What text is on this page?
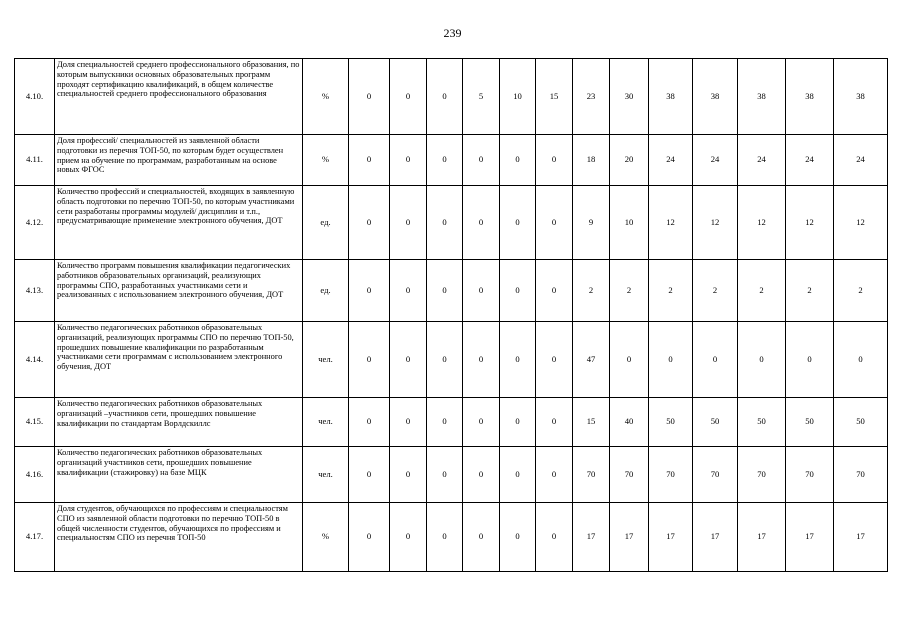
239
4.10.	Доля специальностей среднего профессионального образования, по которым выпускники основных образовательных программ проходят сертификацию квалификаций, в общем количестве специальностей среднего профессионального образования	%	0	0	0	5	10	15	23	30	38	38	38	38	38
4.11.	Доля профессий/ специальностей из заявленной области подготовки из перечня ТОП-50, по которым будет осуществлен прием на обучение по программам, разработанным на основе новых ФГОС	%	0	0	0	0	0	0	18	20	24	24	24	24	24
4.12.	Количество профессий и специальностей, входящих в заявленную область подготовки по перечню ТОП-50, по которым участниками сети разработаны программы модулей/ дисциплин и т.п., предусматривающие применение электронного обучения, ДОТ	ед.	0	0	0	0	0	0	9	10	12	12	12	12	12
4.13.	Количество программ повышения квалификации педагогических работников образовательных организаций, реализующих программы СПО, разработанных участниками сети и реализованных с использованием электронного обучения, ДОТ	ед.	0	0	0	0	0	0	2	2	2	2	2	2	2
4.14.	Количество педагогических работников образовательных организаций, реализующих программы СПО по перечню ТОП-50, прошедших повышение квалификации по разработанным участниками сети программам с использованием электронного обучения, ДОТ	чел.	0	0	0	0	0	0	47	0	0	0	0	0	0
4.15.	Количество педагогических работников образовательных организаций –участников сети, прошедших повышение квалификации по стандартам Ворлдскиллс	чел.	0	0	0	0	0	0	15	40	50	50	50	50	50
4.16.	Количество педагогических работников образовательных организаций участников сети, прошедших повышение квалификации (стажировку) на базе МЦК	чел.	0	0	0	0	0	0	70	70	70	70	70	70	70
4.17.	Доля студентов, обучающихся по профессиям и специальностям СПО из заявленной области подготовки по перечню ТОП-50 в общей численности студентов, обучающихся по профессиям и специальностям СПО из перечня ТОП-50	%	0	0	0	0	0	0	17	17	17	17	17	17	17
